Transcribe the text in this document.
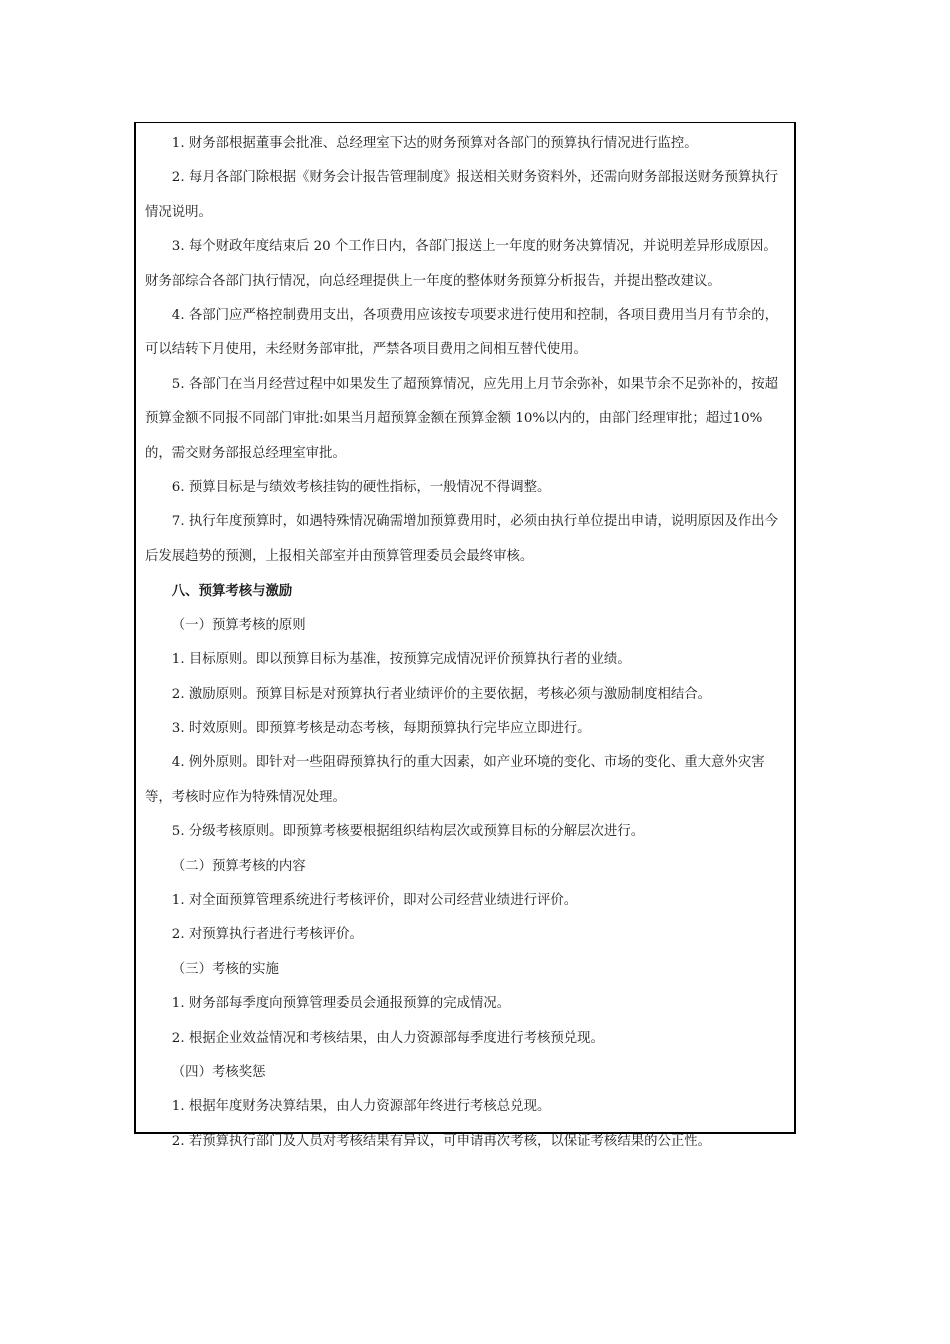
1. 财务部根据董事会批准、总经理室下达的财务预算对各部门的预算执行情况进行监控。

2. 每月各部门除根据《财务会计报告管理制度》报送相关财务资料外，还需向财务部报送财务预算执行情况说明。

3. 每个财政年度结束后 20 个工作日内，各部门报送上一年度的财务决算情况，并说明差异形成原因。财务部综合各部门执行情况，向总经理提供上一年度的整体财务预算分析报告，并提出整改建议。

4. 各部门应严格控制费用支出，各项费用应该按专项要求进行使用和控制，各项目费用当月有节余的，可以结转下月使用，未经财务部审批，严禁各项目费用之间相互替代使用。

5. 各部门在当月经营过程中如果发生了超预算情况，应先用上月节余弥补，如果节余不足弥补的，按超预算金额不同报不同部门审批:如果当月超预算金额在预算金额 10%以内的，由部门经理审批；超过10%的，需交财务部报总经理室审批。

6. 预算目标是与绩效考核挂钩的硬性指标，一般情况不得调整。

7. 执行年度预算时，如遇特殊情况确需增加预算费用时，必须由执行单位提出申请，说明原因及作出今后发展趋势的预测，上报相关部室并由预算管理委员会最终审核。

八、预算考核与激励

（一）预算考核的原则

1. 目标原则。即以预算目标为基准，按预算完成情况评价预算执行者的业绩。

2. 激励原则。预算目标是对预算执行者业绩评价的主要依据，考核必须与激励制度相结合。

3. 时效原则。即预算考核是动态考核，每期预算执行完毕应立即进行。

4. 例外原则。即针对一些阻碍预算执行的重大因素，如产业环境的变化、市场的变化、重大意外灾害等，考核时应作为特殊情况处理。

5. 分级考核原则。即预算考核要根据组织结构层次或预算目标的分解层次进行。

（二）预算考核的内容

1. 对全面预算管理系统进行考核评价，即对公司经营业绩进行评价。

2. 对预算执行者进行考核评价。

（三）考核的实施

1. 财务部每季度向预算管理委员会通报预算的完成情况。

2. 根据企业效益情况和考核结果，由人力资源部每季度进行考核预兑现。

（四）考核奖惩

1. 根据年度财务决算结果，由人力资源部年终进行考核总兑现。

2. 若预算执行部门及人员对考核结果有异议，可申请再次考核，以保证考核结果的公正性。
